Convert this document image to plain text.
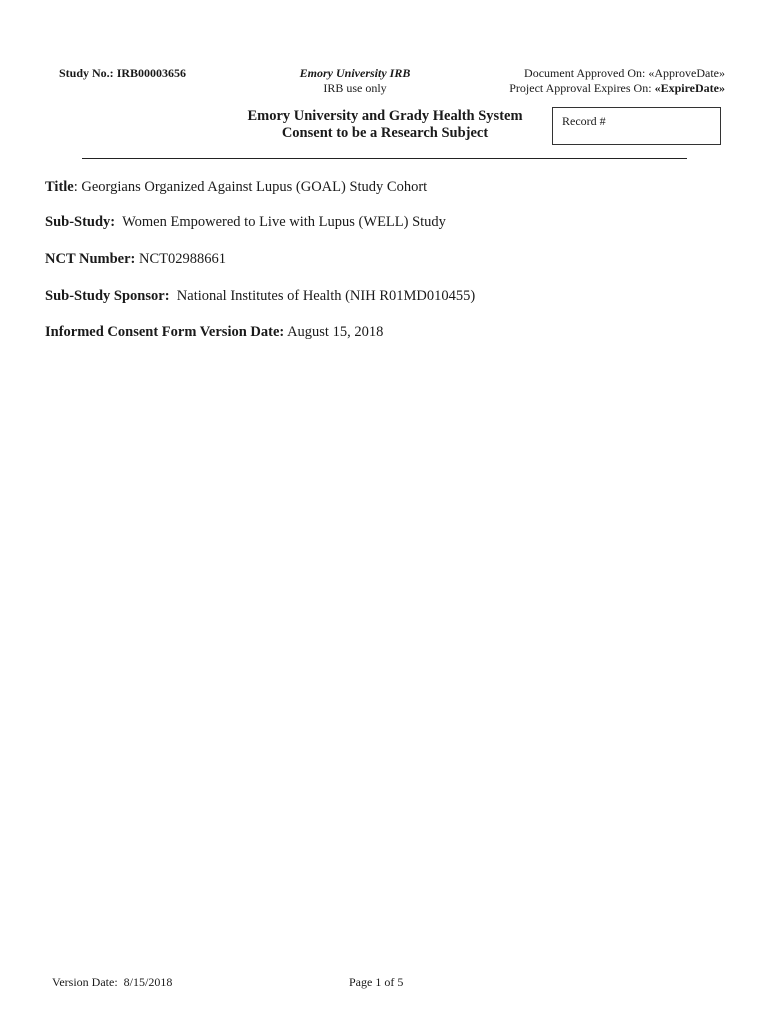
Study No.: IRB00003656	Emory University IRB
IRB use only
Document Approved On: «ApproveDate»
Project Approval Expires On: «ExpireDate»
Emory University and Grady Health System
Consent to be a Research Subject
Record #
Title: Georgians Organized Against Lupus (GOAL) Study Cohort
Sub-Study: Women Empowered to Live with Lupus (WELL) Study
NCT Number: NCT02988661
Sub-Study Sponsor: National Institutes of Health (NIH R01MD010455)
Informed Consent Form Version Date: August 15, 2018
Version Date:  8/15/2018	Page 1 of 5
